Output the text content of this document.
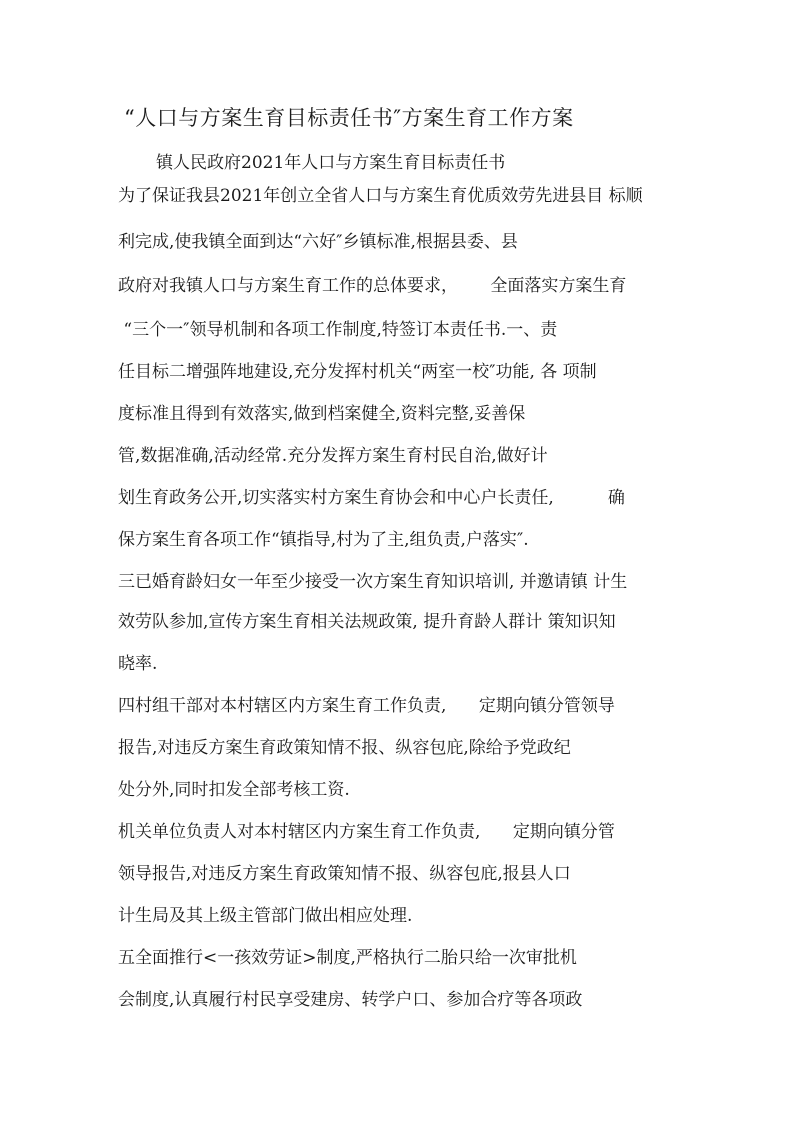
“人口与方案生育目标责任书″方案生育工作方案

镇人民政府2021年人口与方案生育目标责任书

为了保证我县2021年创立全省人口与方案生育优质效劳先进县目 标顺

利完成,使我镇全面到达“六好″乡镇标准,根据县委、县

政府对我镇人口与方案生育工作的总体要求，      全面落实方案生育

“三个一″领导机制和各项工作制度,特签订本责任书.一、责

任目标二增强阵地建设,充分发挥村机关“两室一校″功能, 各 项制

度标准且得到有效落实,做到档案健全,资料完整,妥善保

管,数据准确,活动经常.充分发挥方案生育村民自治,做好计

划生育政务公开,切实落实村方案生育协会和中心户长责任,          确

保方案生育各项工作“镇指导,村为了主,组负责,户落实″.

三已婚育龄妇女一年至少接受一次方案生育知识培训, 并邀请镇 计生

效劳队参加,宣传方案生育相关法规政策, 提升育龄人群计 策知识知

晓率.

四村组干部对本村辖区内方案生育工作负责,      定期向镇分管领导

报告,对违反方案生育政策知情不报、纵容包庇,除给予党政纪

处分外,同时扣发全部考核工资.

机关单位负责人对本村辖区内方案生育工作负责,      定期向镇分管

领导报告,对违反方案生育政策知情不报、纵容包庇,报县人口

计生局及其上级主管部门做出相应处理.

五全面推行<一孩效劳证>制度,严格执行二胎只给一次审批机

会制度,认真履行村民享受建房、转学户口、参加合疗等各项政
